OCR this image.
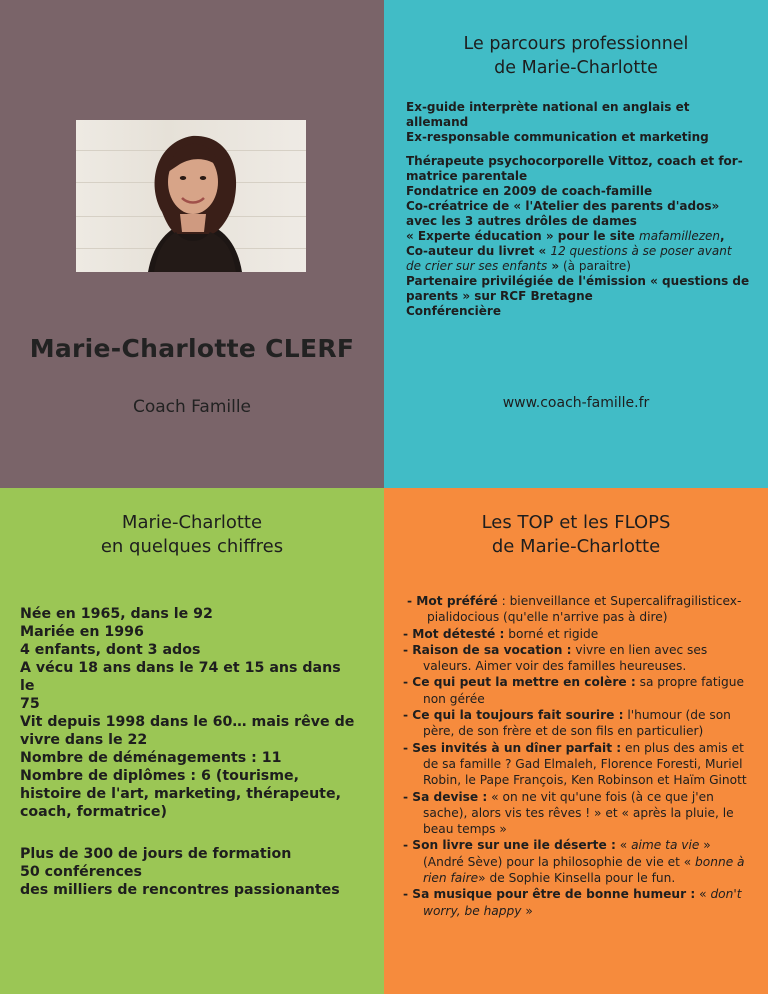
Marie-Charlotte CLERF
Coach Famille
Le parcours professionnel
de Marie-Charlotte
Ex-guide interprète national en anglais et allemand
Ex-responsable communication et marketing
Thérapeute psychocorporelle Vittoz, coach et for-
matrice parentale
Fondatrice en 2009 de coach-famille
Co-créatrice de « l'Atelier des parents d'ados»
avec les 3 autres drôles de dames
« Experte éducation » pour le site mafamillezen,
Co-auteur du livret « 12 questions à se poser avant
de crier sur ses enfants » (à paraitre)
Partenaire privilégiée de l'émission « questions de
parents » sur RCF Bretagne
Conférencière
www.coach-famille.fr
Marie-Charlotte
en quelques chiffres
Née en 1965, dans le 92
Mariée en 1996
4 enfants, dont 3 ados
A vécu 18 ans dans le 74 et 15 ans dans le
75
Vit depuis 1998 dans le 60… mais rêve de
vivre dans le 22
Nombre de déménagements : 11
Nombre de diplômes : 6 (tourisme,
histoire de l'art, marketing, thérapeute,
coach, formatrice)
Plus de 300 de jours de formation
50 conférences
des milliers de rencontres passionantes
Les TOP et les FLOPS
de Marie-Charlotte
- Mot préféré : bienveillance et Supercalifragilisticex-pialidocious (qu'elle n'arrive pas à dire)
- Mot détesté : borné et rigide
- Raison de sa vocation : vivre en lien avec ses valeurs. Aimer voir des familles heureuses.
- Ce qui peut la mettre en colère : sa propre fatigue non gérée
- Ce qui la toujours fait sourire : l'humour (de son père, de son frère et de son fils en particulier)
- Ses invités à un dîner parfait : en plus des amis et de sa famille ? Gad Elmaleh, Florence Foresti, Muriel Robin, le Pape François, Ken Robinson et Haïm Ginott
- Sa devise : « on ne vit qu'une fois (à ce que j'en sache), alors vis tes rêves ! » et « après la pluie, le beau temps »
- Son livre sur une ile déserte : « aime ta vie » (André Sève) pour la philosophie de vie et « bonne à rien faire» de Sophie Kinsella pour le fun.
- Sa musique pour être de bonne humeur : « don't worry, be happy »
